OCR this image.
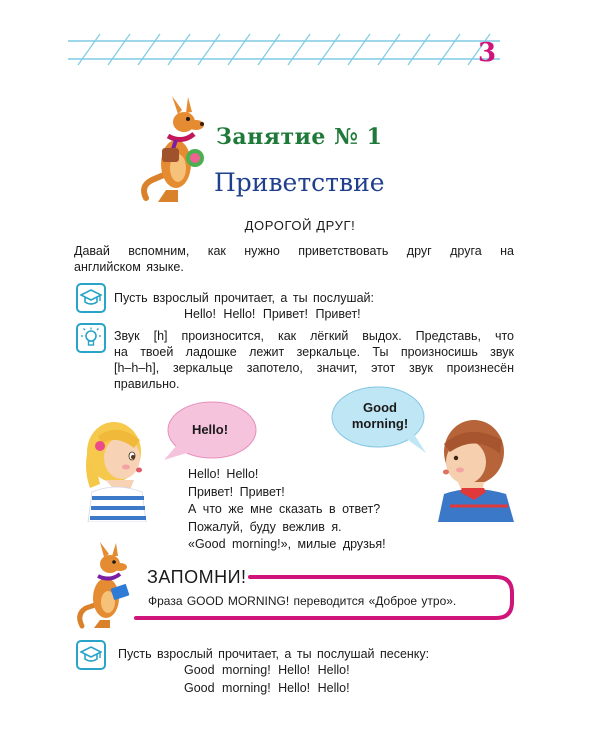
3
Занятие № 1
Приветствие
ДОРОГОЙ ДРУГ!
Давай вспомним, как нужно приветствовать друг друга на
английском языке.
Пусть взрослый прочитает, а ты послушай:
Hello! Hello! Привет! Привет!
Звук [h] произносится, как лёгкий выдох. Представь, что
на твоей ладошке лежит зеркальце. Ты произносишь звук
[h–h–h], зеркальце запотело, значит, этот звук произнесён
правильно.
Hello!
Good
morning!
Hello! Hello!
Привет! Привет!
А что же мне сказать в ответ?
Пожалуй, буду вежлив я.
«Good morning!», милые друзья!
ЗАПОМНИ!
Фраза GOOD MORNING! переводится «Доброе утро».
Пусть взрослый прочитает, а ты послушай песенку:
Good morning! Hello! Hello!
Good morning! Hello! Hello!
